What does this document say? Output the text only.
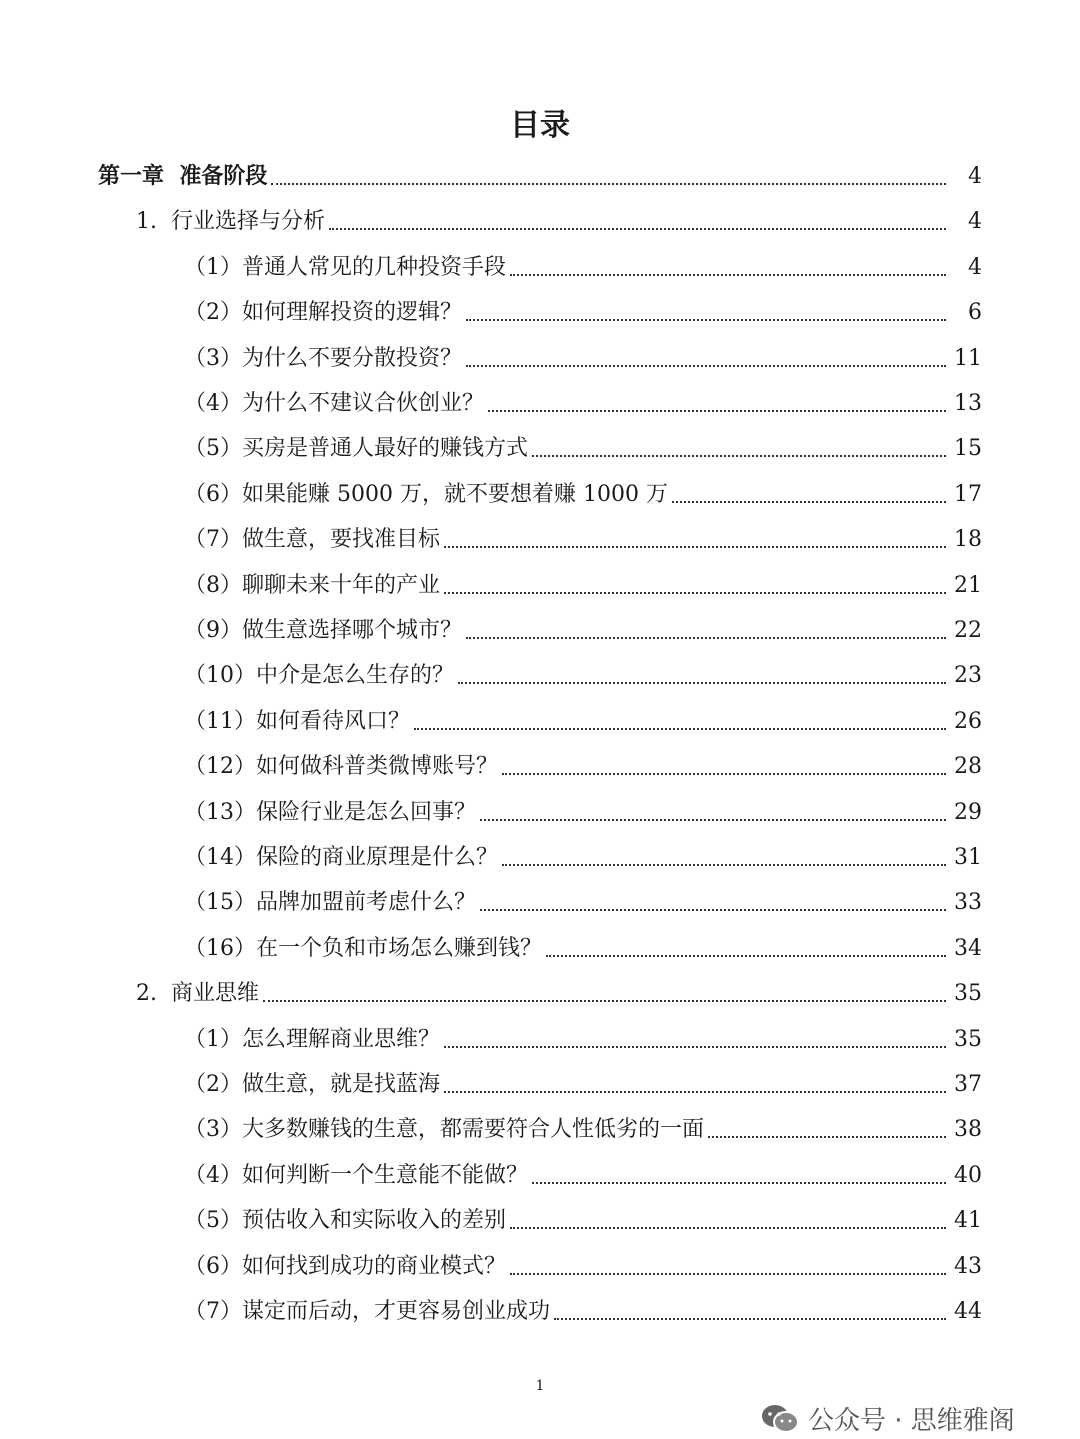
目录
第一章  准备阶段	4
1.  行业选择与分析	4
（1）普通人常见的几种投资手段	4
（2）如何理解投资的逻辑？	6
（3）为什么不要分散投资？	11
（4）为什么不建议合伙创业？	13
（5）买房是普通人最好的赚钱方式	15
（6）如果能赚 5000 万，就不要想着赚 1000 万	17
（7）做生意，要找准目标	18
（8）聊聊未来十年的产业	21
（9）做生意选择哪个城市？	22
（10）中介是怎么生存的？	23
（11）如何看待风口？	26
（12）如何做科普类微博账号？	28
（13）保险行业是怎么回事？	29
（14）保险的商业原理是什么？	31
（15）品牌加盟前考虑什么？	33
（16）在一个负和市场怎么赚到钱？	34
2.  商业思维	35
（1）怎么理解商业思维？	35
（2）做生意，就是找蓝海	37
（3）大多数赚钱的生意，都需要符合人性低劣的一面	38
（4）如何判断一个生意能不能做？	40
（5）预估收入和实际收入的差别	41
（6）如何找到成功的商业模式？	43
（7）谋定而后动，才更容易创业成功	44
1
公众号 · 思维雅阁
